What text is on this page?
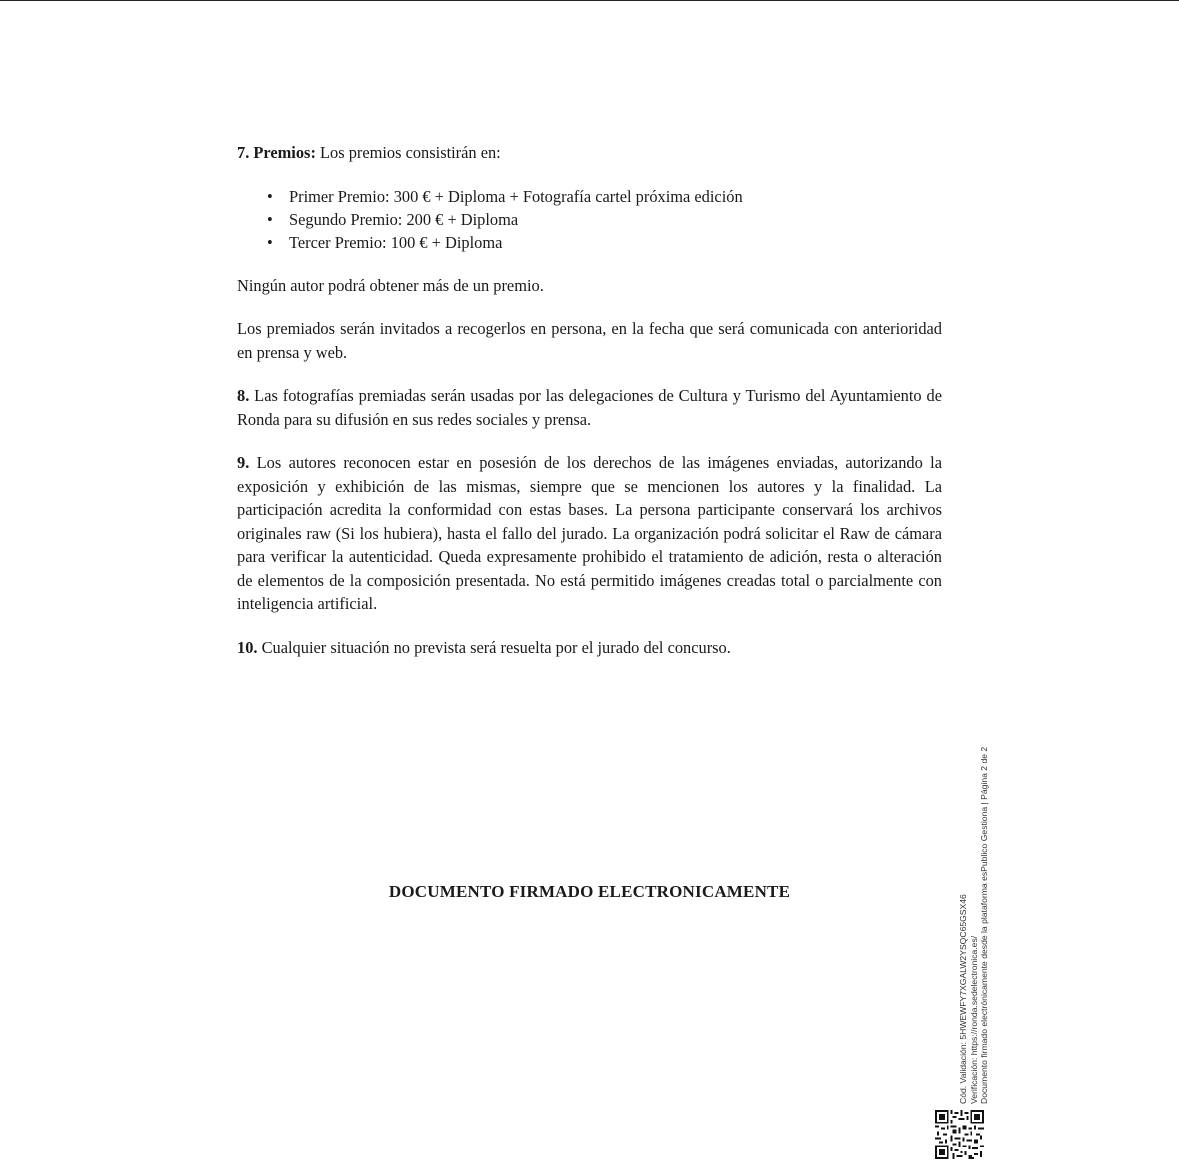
7. Premios: Los premios consistirán en:

• Primer Premio: 300 € + Diploma + Fotografía cartel próxima edición
• Segundo Premio: 200 € + Diploma
• Tercer Premio: 100 € + Diploma

Ningún autor podrá obtener más de un premio.

Los premiados serán invitados a recogerlos en persona, en la fecha que será comunicada con anterioridad en prensa y web.

8. Las fotografías premiadas serán usadas por las delegaciones de Cultura y Turismo del Ayuntamiento de Ronda para su difusión en sus redes sociales y prensa.

9. Los autores reconocen estar en posesión de los derechos de las imágenes enviadas, autorizando la exposición y exhibición de las mismas, siempre que se mencionen los autores y la finalidad. La participación acredita la conformidad con estas bases. La persona participante conservará los archivos originales raw (Si los hubiera), hasta el fallo del jurado. La organización podrá solicitar el Raw de cámara para verificar la autenticidad. Queda expresamente prohibido el tratamiento de adición, resta o alteración de elementos de la composición presentada. No está permitido imágenes creadas total o parcialmente con inteligencia artificial.

10. Cualquier situación no prevista será resuelta por el jurado del concurso.

DOCUMENTO FIRMADO ELECTRONICAMENTE
Cód. Validación: 5HWEWFY7XGALW2YSQC65GSX46 Verificación: https://ronda.sedelectronica.es/ Documento firmado electrónicamente desde la plataforma esPublico Gestiona | Página 2 de 2
